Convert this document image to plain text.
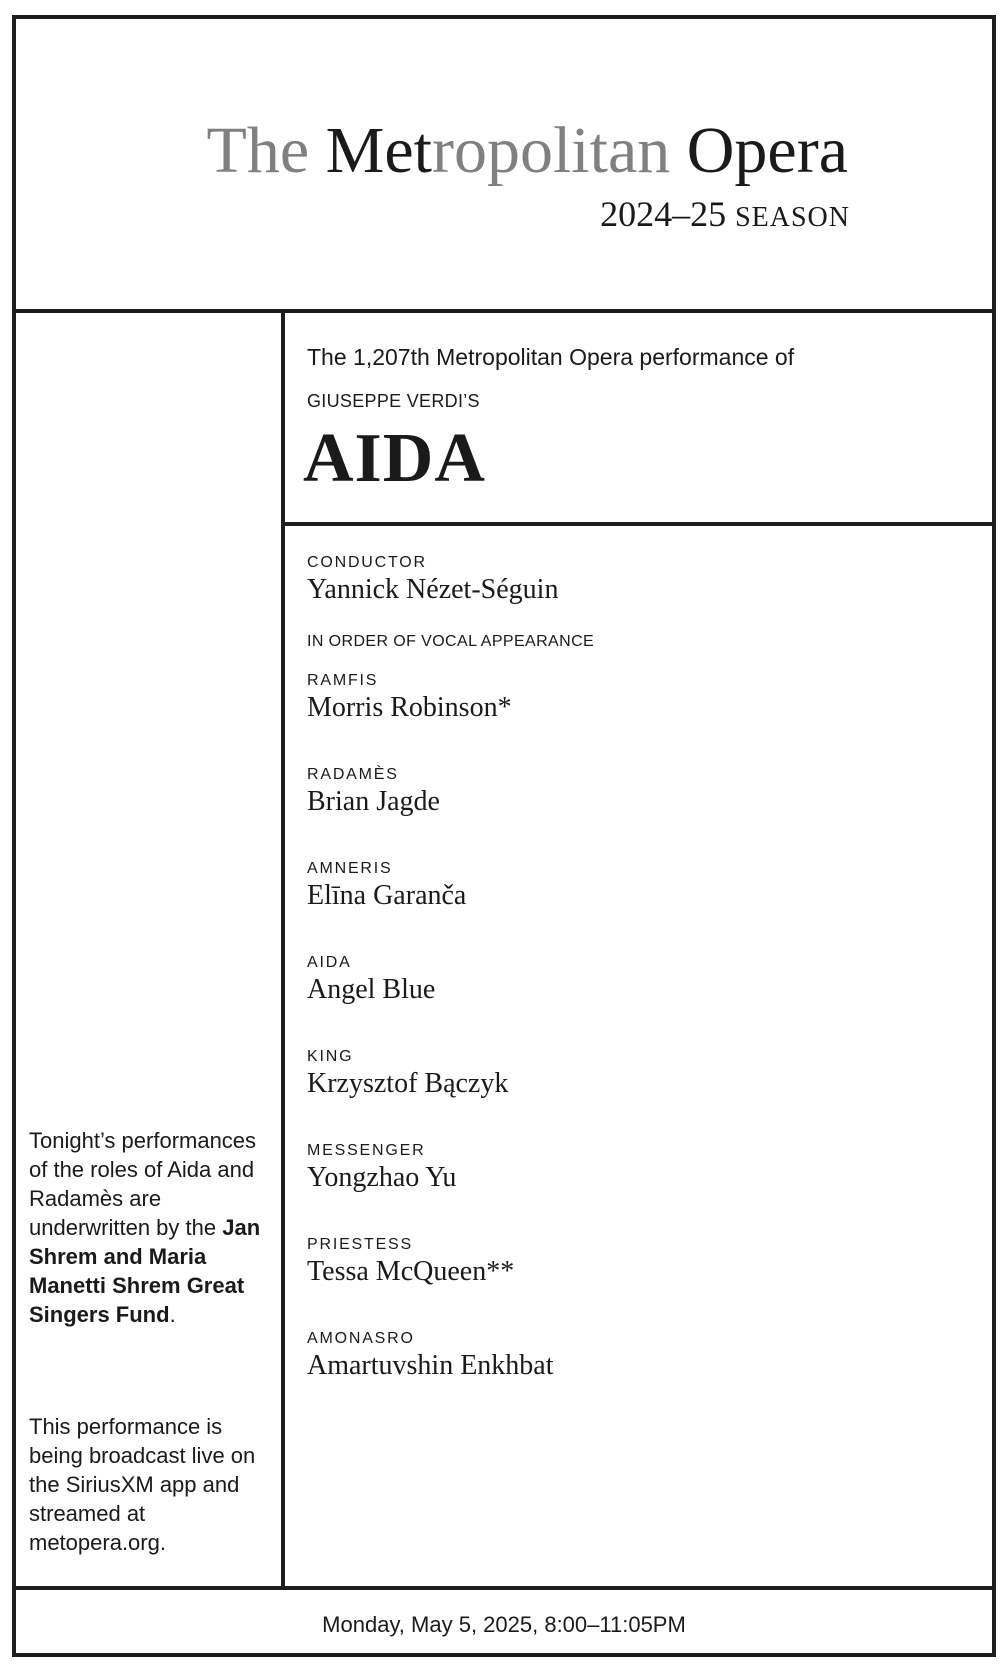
The Metropolitan Opera
2024–25 SEASON
The 1,207th Metropolitan Opera performance of
GIUSEPPE VERDI’S
AIDA
CONDUCTOR
Yannick Nézet-Séguin
IN ORDER OF VOCAL APPEARANCE
RAMFIS
Morris Robinson*
RADAMÈS
Brian Jagde
AMNERIS
Elīna Garanča
AIDA
Angel Blue
KING
Krzysztof Bączyk
MESSENGER
Yongzhao Yu
PRIESTESS
Tessa McQueen**
AMONASRO
Amartuvshin Enkhbat
Tonight’s performances of the roles of Aida and Radamès are underwritten by the Jan Shrem and Maria Manetti Shrem Great Singers Fund.
This performance is being broadcast live on the SiriusXM app and streamed at metopera.org.
Monday, May 5, 2025, 8:00–11:05PM
